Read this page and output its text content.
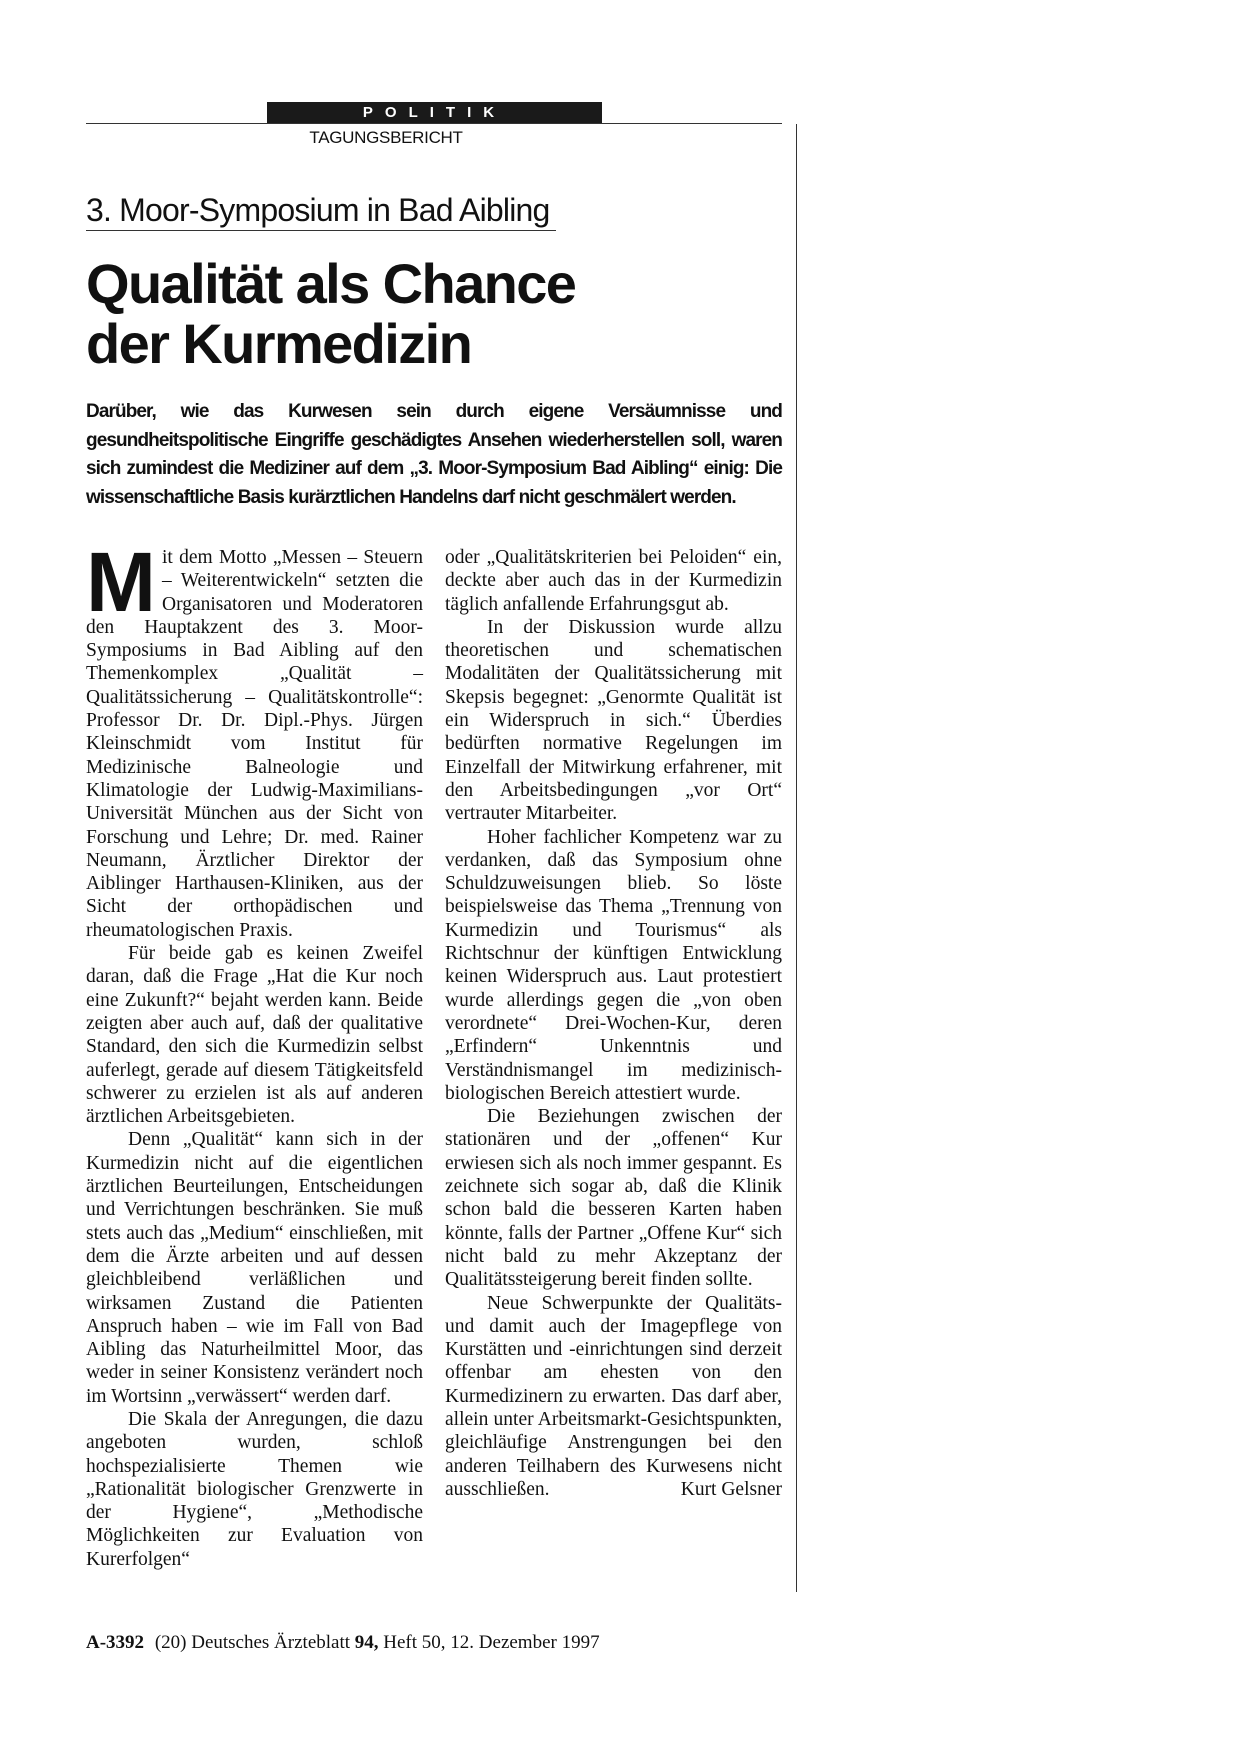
POLITIK
TAGUNGSBERICHT
3. Moor-Symposium in Bad Aibling
Qualität als Chance
der Kurmedizin

Darüber, wie das Kurwesen sein durch eigene Versäumnisse und gesundheitspolitische Eingriffe geschädigtes Ansehen wiederherstellen soll, waren sich zumindest die Mediziner auf dem „3. Moor-Symposium Bad Aibling“ einig: Die wissenschaftliche Basis kurärztlichen Handelns darf nicht geschmälert werden.

Mit dem Motto „Messen – Steuern – Weiterentwickeln“ setzten die Organisatoren und Moderatoren den Hauptakzent des 3. Moor-Symposiums in Bad Aibling auf den Themenkomplex „Qualität – Qualitätssicherung – Qualitätskontrolle“: Professor Dr. Dr. Dipl.-Phys. Jürgen Kleinschmidt vom Institut für Medizinische Balneologie und Klimatologie der Ludwig-Maximilians-Universität München aus der Sicht von Forschung und Lehre; Dr. med. Rainer Neumann, Ärztlicher Direktor der Aiblinger Harthausen-Kliniken, aus der Sicht der orthopädischen und rheumatologischen Praxis.

Für beide gab es keinen Zweifel daran, daß die Frage „Hat die Kur noch eine Zukunft?“ bejaht werden kann. Beide zeigten aber auch auf, daß der qualitative Standard, den sich die Kurmedizin selbst auferlegt, gerade auf diesem Tätigkeitsfeld schwerer zu erzielen ist als auf anderen ärztlichen Arbeitsgebieten.

Denn „Qualität“ kann sich in der Kurmedizin nicht auf die eigentlichen ärztlichen Beurteilungen, Entscheidungen und Verrichtungen beschränken. Sie muß stets auch das „Medium“ einschließen, mit dem die Ärzte arbeiten und auf dessen gleichbleibend verläßlichen und wirksamen Zustand die Patienten Anspruch haben – wie im Fall von Bad Aibling das Naturheilmittel Moor, das weder in seiner Konsistenz verändert noch im Wortsinn „verwässert“ werden darf.

Die Skala der Anregungen, die dazu angeboten wurden, schloß hochspezialisierte Themen wie „Rationalität biologischer Grenzwerte in der Hygiene“, „Methodische Möglichkeiten zur Evaluation von Kurerfolgen“

oder „Qualitätskriterien bei Peloiden“ ein, deckte aber auch das in der Kurmedizin täglich anfallende Erfahrungsgut ab.

In der Diskussion wurde allzu theoretischen und schematischen Modalitäten der Qualitätssicherung mit Skepsis begegnet: „Genormte Qualität ist ein Widerspruch in sich.“ Überdies bedürften normative Regelungen im Einzelfall der Mitwirkung erfahrener, mit den Arbeitsbedingungen „vor Ort“ vertrauter Mitarbeiter.

Hoher fachlicher Kompetenz war zu verdanken, daß das Symposium ohne Schuldzuweisungen blieb. So löste beispielsweise das Thema „Trennung von Kurmedizin und Tourismus“ als Richtschnur der künftigen Entwicklung keinen Widerspruch aus. Laut protestiert wurde allerdings gegen die „von oben verordnete“ Drei-Wochen-Kur, deren „Erfindern“ Unkenntnis und Verständnismangel im medizinisch-biologischen Bereich attestiert wurde.

Die Beziehungen zwischen der stationären und der „offenen“ Kur erwiesen sich als noch immer gespannt. Es zeichnete sich sogar ab, daß die Klinik schon bald die besseren Karten haben könnte, falls der Partner „Offene Kur“ sich nicht bald zu mehr Akzeptanz der Qualitätssteigerung bereit finden sollte.

Neue Schwerpunkte der Qualitäts- und damit auch der Imagepflege von Kurstätten und -einrichtungen sind derzeit offenbar am ehesten von den Kurmedizinern zu erwarten. Das darf aber, allein unter Arbeitsmarkt-Gesichtspunkten, gleichläufige Anstrengungen bei den anderen Teilhabern des Kurwesens nicht ausschließen.	Kurt Gelsner

A-3392 (20) Deutsches Ärzteblatt 94, Heft 50, 12. Dezember 1997
